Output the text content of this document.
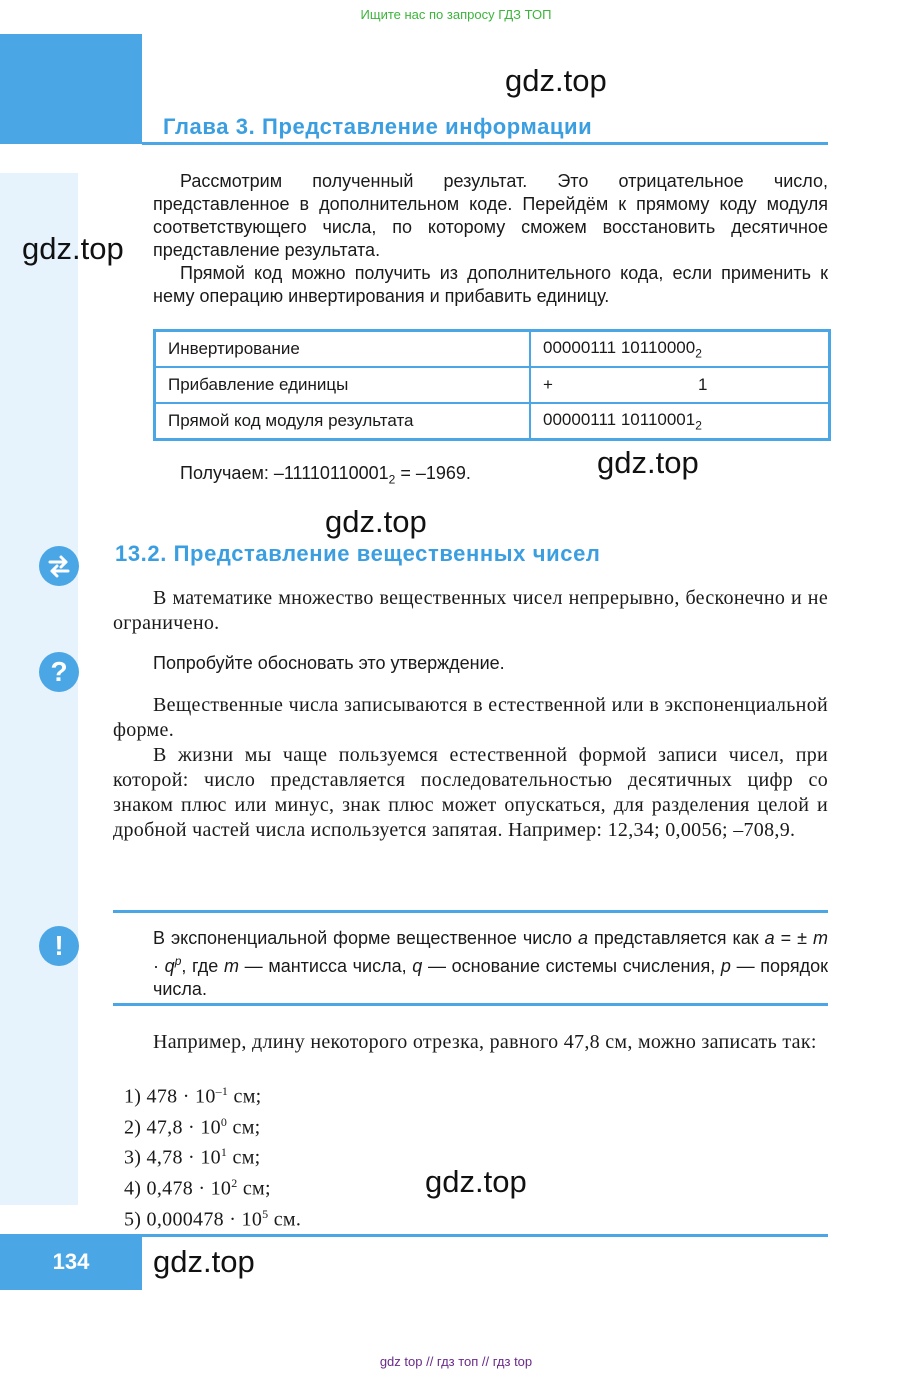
Ищите нас по запросу ГДЗ ТОП
gdz.top
Глава 3. Представление информации
gdz.top
Рассмотрим полученный результат. Это отрицательное число, представленное в дополнительном коде. Перейдём к прямому коду модуля соответствующего числа, по которому сможем восстановить десятичное представление результата.
Прямой код можно получить из дополнительного кода, если применить к нему операцию инвертирования и прибавить единицу.
Инвертирование	00000111 $10110000_2$
Прибавление единицы	+ 1
Прямой код модуля результата	00000111 $10110001_2$
Получаем: $-11110110001_2 = -1969$.	gdz.top
gdz.top
13.2. Представление вещественных чисел
В математике множество вещественных чисел непрерывно, бесконечно и не ограничено.
?	Попробуйте обосновать это утверждение.
Вещественные числа записываются в естественной или в экспоненциальной форме.
В жизни мы чаще пользуемся естественной формой записи чисел, при которой: число представляется последовательностью десятичных цифр со знаком плюс или минус, знак плюс может опускаться, для разделения целой и дробной частей числа используется запятая. Например: 12,34; 0,0056; –708,9.
!	В экспоненциальной форме вещественное число a представляется как a = ± $m \cdot q^p$, где m — мантисса числа, q — основание системы счисления, p — порядок числа.
Например, длину некоторого отрезка, равного 47,8 см, можно записать так:
1) $478 \cdot 10^{-1}$ см;
2) $47,8 \cdot 10^0$ см;
3) $4,78 \cdot 10^1$ см;
4) $0,478 \cdot 10^2$ см;
5) $0,000478 \cdot 10^5$ см.
gdz.top
134	gdz.top
gdz top // гдз топ // гдз top
